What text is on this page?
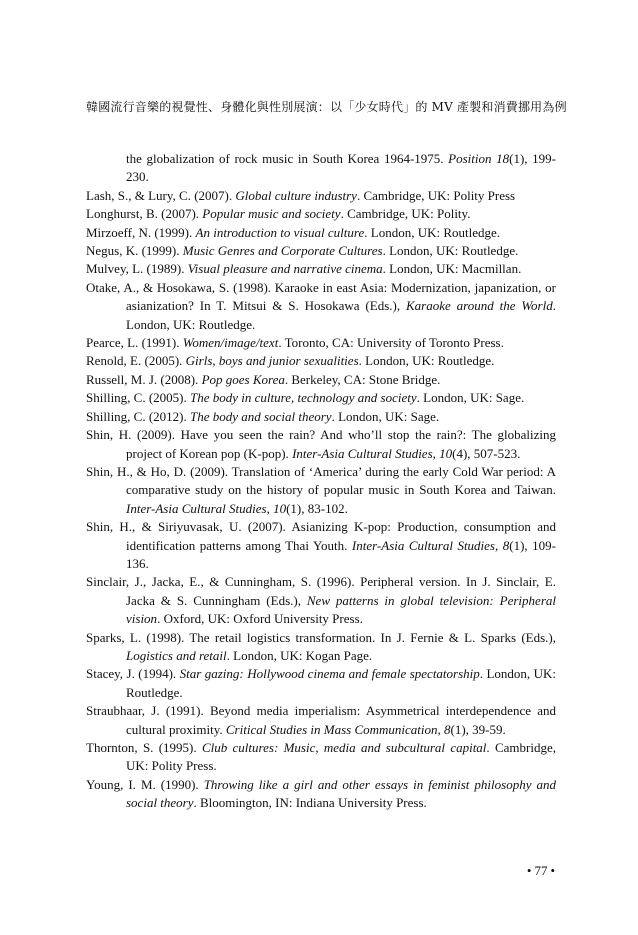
韓國流行音樂的視覺性、身體化與性別展演：以「少女時代」的 MV 產製和消費挪用為例

the globalization of rock music in South Korea 1964-1975. Position 18(1), 199-230.

Lash, S., & Lury, C. (2007). Global culture industry. Cambridge, UK: Polity Press

Longhurst, B. (2007). Popular music and society. Cambridge, UK: Polity.

Mirzoeff, N. (1999). An introduction to visual culture. London, UK: Routledge.

Negus, K. (1999). Music Genres and Corporate Cultures. London, UK: Routledge.

Mulvey, L. (1989). Visual pleasure and narrative cinema. London, UK: Macmillan.

Otake, A., & Hosokawa, S. (1998). Karaoke in east Asia: Modernization, japanization, or asianization? In T. Mitsui & S. Hosokawa (Eds.), Karaoke around the World. London, UK: Routledge.

Pearce, L. (1991). Women/image/text. Toronto, CA: University of Toronto Press.

Renold, E. (2005). Girls, boys and junior sexualities. London, UK: Routledge.

Russell, M. J. (2008). Pop goes Korea. Berkeley, CA: Stone Bridge.

Shilling, C. (2005). The body in culture, technology and society. London, UK: Sage.

Shilling, C. (2012). The body and social theory. London, UK: Sage.

Shin, H. (2009). Have you seen the rain? And who’ll stop the rain?: The globalizing project of Korean pop (K-pop). Inter-Asia Cultural Studies, 10(4), 507-523.

Shin, H., & Ho, D. (2009). Translation of ‘America’ during the early Cold War period: A comparative study on the history of popular music in South Korea and Taiwan. Inter-Asia Cultural Studies, 10(1), 83-102.

Shin, H., & Siriyuvasak, U. (2007). Asianizing K-pop: Production, consumption and identification patterns among Thai Youth. Inter-Asia Cultural Studies, 8(1), 109-136.

Sinclair, J., Jacka, E., & Cunningham, S. (1996). Peripheral version. In J. Sinclair, E. Jacka & S. Cunningham (Eds.), New patterns in global television: Peripheral vision. Oxford, UK: Oxford University Press.

Sparks, L. (1998). The retail logistics transformation. In J. Fernie & L. Sparks (Eds.), Logistics and retail. London, UK: Kogan Page.

Stacey, J. (1994). Star gazing: Hollywood cinema and female spectatorship. London, UK: Routledge.

Straubhaar, J. (1991). Beyond media imperialism: Asymmetrical interdependence and cultural proximity. Critical Studies in Mass Communication, 8(1), 39-59.

Thornton, S. (1995). Club cultures: Music, media and subcultural capital. Cambridge, UK: Polity Press.

Young, I. M. (1990). Throwing like a girl and other essays in feminist philosophy and social theory. Bloomington, IN: Indiana University Press.

• 77 •
